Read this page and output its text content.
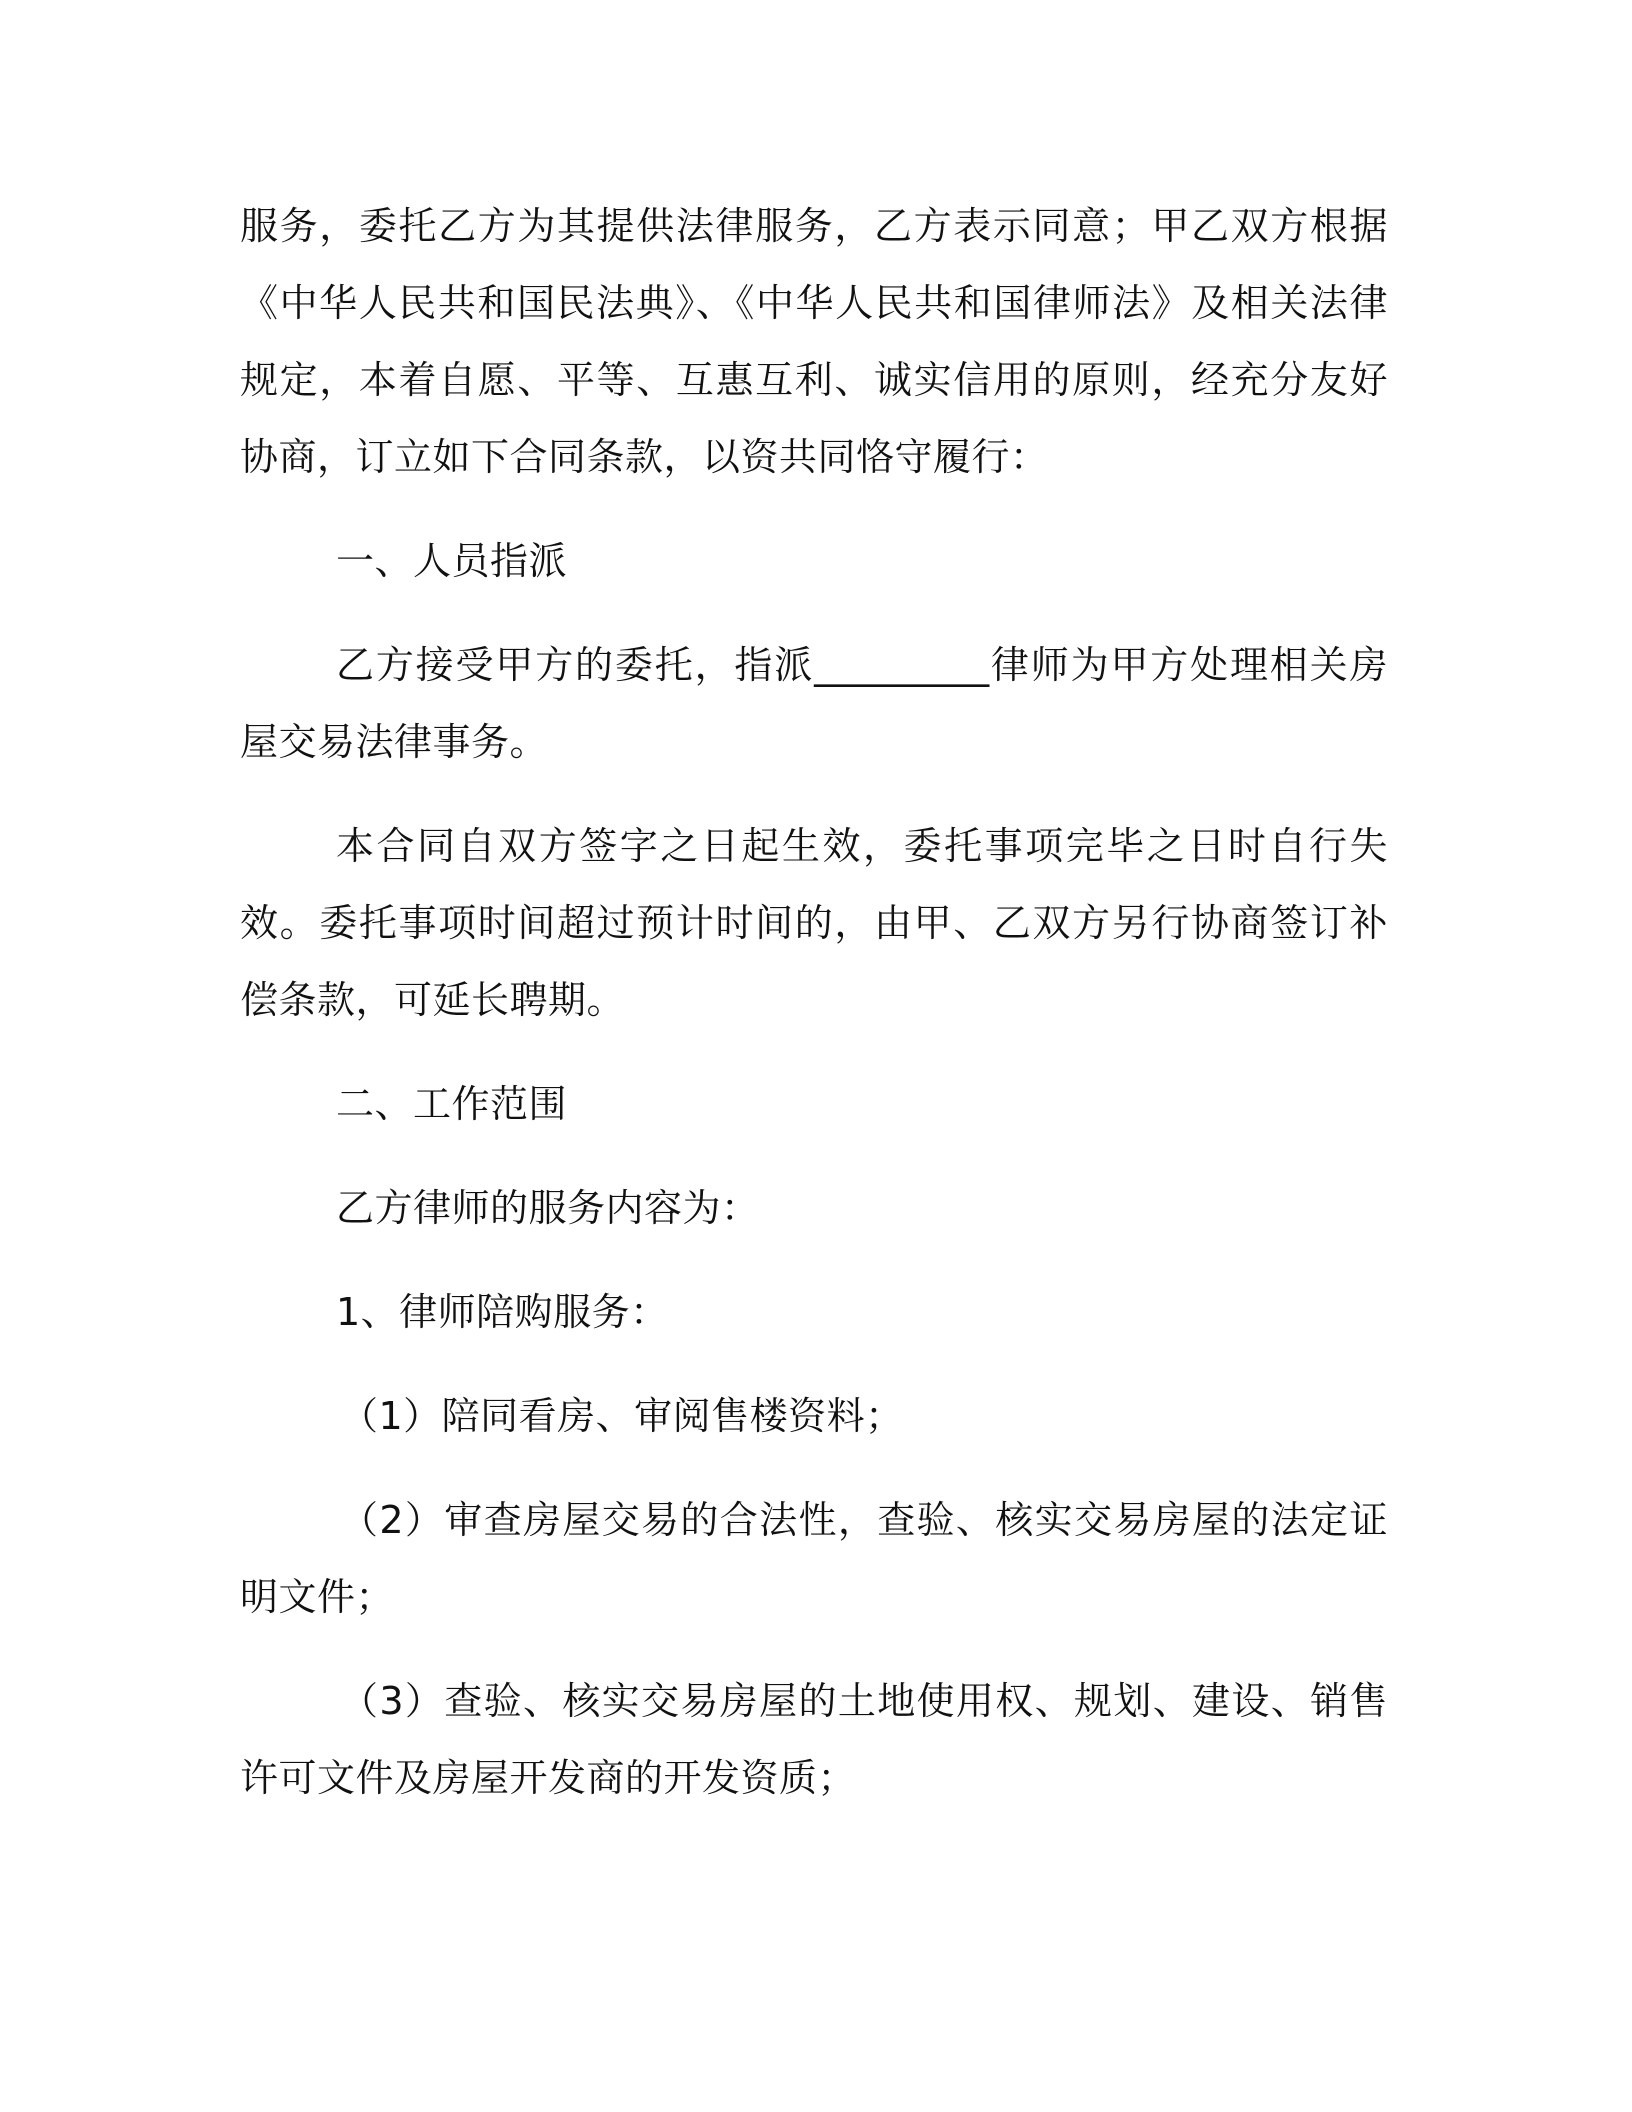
服务，委托乙方为其提供法律服务，乙方表示同意；甲乙双方根据《中华人民共和国民法典》、《中华人民共和国律师法》及相关法律规定，本着自愿、平等、互惠互利、诚实信用的原则，经充分友好协商，订立如下合同条款，以资共同恪守履行：

一、人员指派

乙方接受甲方的委托，指派_________律师为甲方处理相关房屋交易法律事务。

本合同自双方签字之日起生效，委托事项完毕之日时自行失效。委托事项时间超过预计时间的，由甲、乙双方另行协商签订补偿条款，可延长聘期。

二、工作范围

乙方律师的服务内容为：

1、律师陪购服务：

（1）陪同看房、审阅售楼资料；

（2）审查房屋交易的合法性，查验、核实交易房屋的法定证明文件；

（3）查验、核实交易房屋的土地使用权、规划、建设、销售许可文件及房屋开发商的开发资质；
